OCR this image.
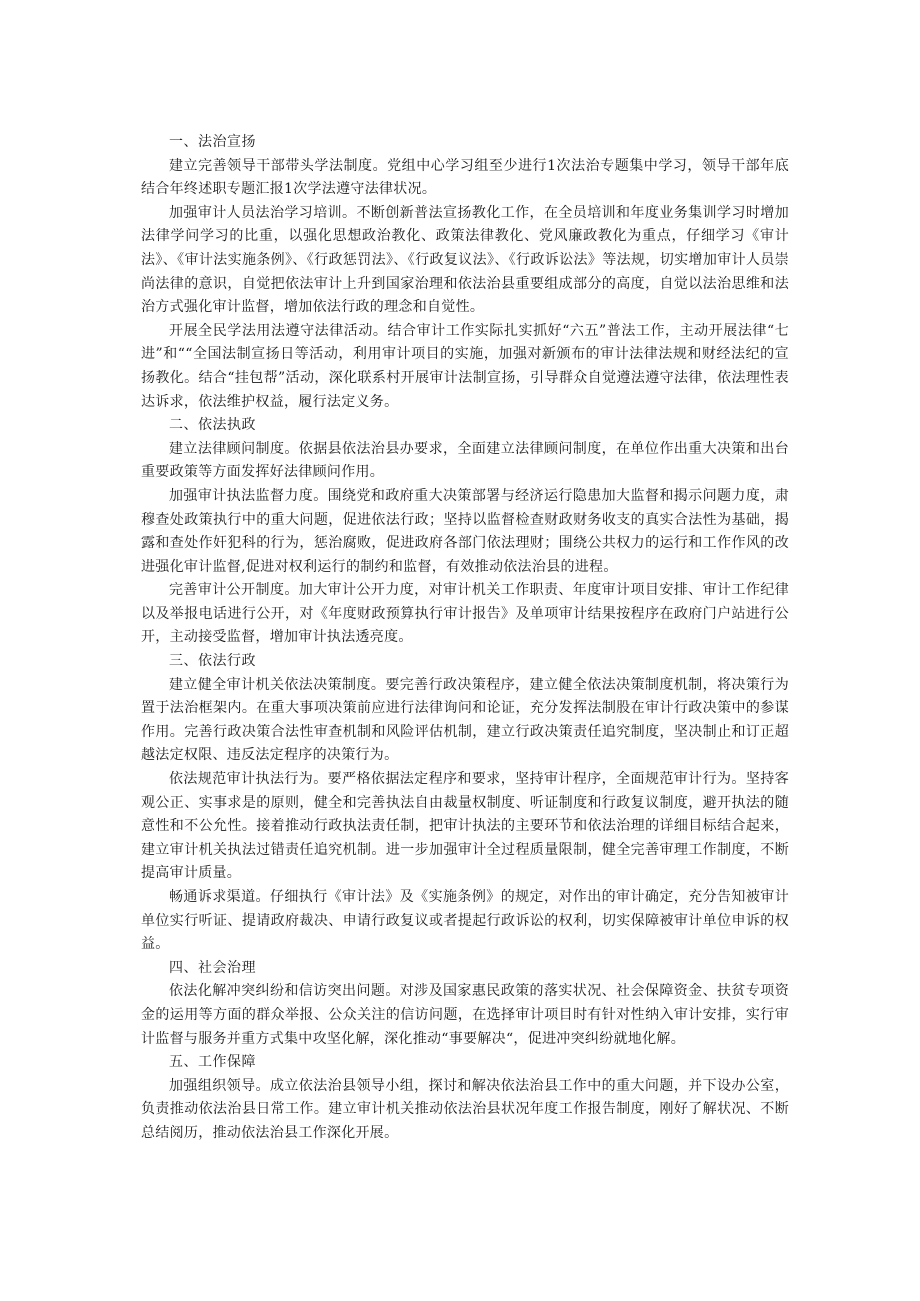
一、法治宣扬

建立完善领导干部带头学法制度。党组中心学习组至少进行1次法治专题集中学习，领导干部年底结合年终述职专题汇报1次学法遵守法律状况。

加强审计人员法治学习培训。不断创新普法宣扬教化工作，在全员培训和年度业务集训学习时增加法律学问学习的比重，以强化思想政治教化、政策法律教化、党风廉政教化为重点，仔细学习《审计法》、《审计法实施条例》、《行政惩罚法》、《行政复议法》、《行政诉讼法》等法规，切实增加审计人员崇尚法律的意识，自觉把依法审计上升到国家治理和依法治县重要组成部分的高度，自觉以法治思维和法治方式强化审计监督，增加依法行政的理念和自觉性。

开展全民学法用法遵守法律活动。结合审计工作实际扎实抓好“六五”普法工作，主动开展法律“七进”和““全国法制宣扬日等活动，利用审计项目的实施，加强对新颁布的审计法律法规和财经法纪的宣扬教化。结合“挂包帮”活动，深化联系村开展审计法制宣扬，引导群众自觉遵法遵守法律，依法理性表达诉求，依法维护权益，履行法定义务。

二、依法执政

建立法律顾问制度。依据县依法治县办要求，全面建立法律顾问制度，在单位作出重大决策和出台重要政策等方面发挥好法律顾问作用。

加强审计执法监督力度。围绕党和政府重大决策部署与经济运行隐患加大监督和揭示问题力度，肃穆查处政策执行中的重大问题，促进依法行政；坚持以监督检查财政财务收支的真实合法性为基础，揭露和查处作奸犯科的行为，惩治腐败，促进政府各部门依法理财；围绕公共权力的运行和工作作风的改进强化审计监督,促进对权利运行的制约和监督，有效推动依法治县的进程。

完善审计公开制度。加大审计公开力度，对审计机关工作职责、年度审计项目安排、审计工作纪律以及举报电话进行公开，对《年度财政预算执行审计报告》及单项审计结果按程序在政府门户站进行公开，主动接受监督，增加审计执法透亮度。

三、依法行政

建立健全审计机关依法决策制度。要完善行政决策程序，建立健全依法决策制度机制，将决策行为置于法治框架内。在重大事项决策前应进行法律询问和论证，充分发挥法制股在审计行政决策中的参谋作用。完善行政决策合法性审查机制和风险评估机制，建立行政决策责任追究制度，坚决制止和订正超越法定权限、违反法定程序的决策行为。

依法规范审计执法行为。要严格依据法定程序和要求，坚持审计程序，全面规范审计行为。坚持客观公正、实事求是的原则，健全和完善执法自由裁量权制度、听证制度和行政复议制度，避开执法的随意性和不公允性。接着推动行政执法责任制，把审计执法的主要环节和依法治理的详细目标结合起来，建立审计机关执法过错责任追究机制。进一步加强审计全过程质量限制，健全完善审理工作制度，不断提高审计质量。

畅通诉求渠道。仔细执行《审计法》及《实施条例》的规定，对作出的审计确定，充分告知被审计单位实行听证、提请政府裁决、申请行政复议或者提起行政诉讼的权利，切实保障被审计单位申诉的权益。

四、社会治理

依法化解冲突纠纷和信访突出问题。对涉及国家惠民政策的落实状况、社会保障资金、扶贫专项资金的运用等方面的群众举报、公众关注的信访问题，在选择审计项目时有针对性纳入审计安排，实行审计监督与服务并重方式集中攻坚化解，深化推动“事要解决“，促进冲突纠纷就地化解。

五、工作保障

加强组织领导。成立依法治县领导小组，探讨和解决依法治县工作中的重大问题，并下设办公室，负责推动依法治县日常工作。建立审计机关推动依法治县状况年度工作报告制度，刚好了解状况、不断总结阅历，推动依法治县工作深化开展。
